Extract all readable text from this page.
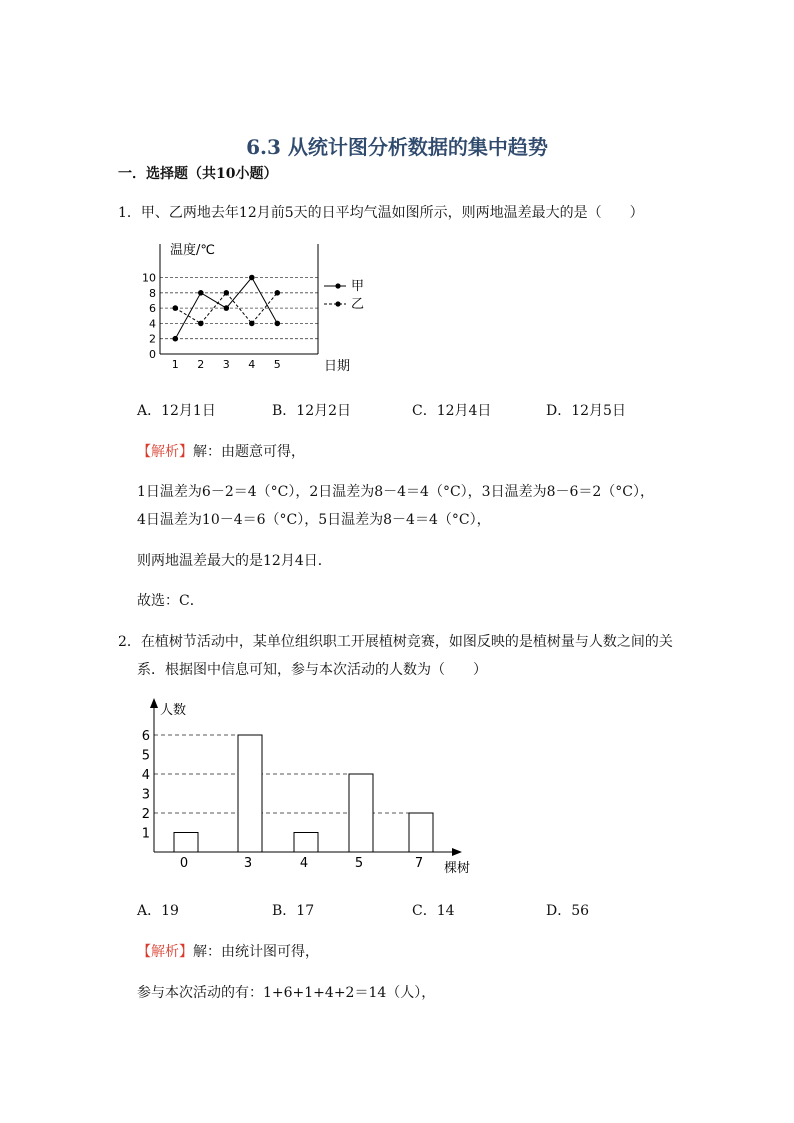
6.3 从统计图分析数据的集中趋势
一．选择题（共10小题）
1．甲、乙两地去年12月前5天的日平均气温如图所示，则两地温差最大的是（　　）
0
2
4
6
8
10
1 2 3 4 5
温度/℃
日期
甲
乙
A．12月1日	B．12月2日	C．12月4日	D．12月5日
【解析】解：由题意可得，
1日温差为6－2＝4（°C），2日温差为8－4＝4（°C），3日温差为8－6＝2（°C），
4日温差为10－4＝6（°C），5日温差为8－4＝4（°C），
则两地温差最大的是12月4日．
故选：C．
2．在植树节活动中，某单位组织职工开展植树竞赛，如图反映的是植树量与人数之间的关
系．根据图中信息可知，参与本次活动的人数为（　　）
1
2
3
4
5
6
0	3	4	5	7
人数
棵树
A．19	B．17	C．14	D．56
【解析】解：由统计图可得，
参与本次活动的有：1+6+1+4+2＝14（人），
